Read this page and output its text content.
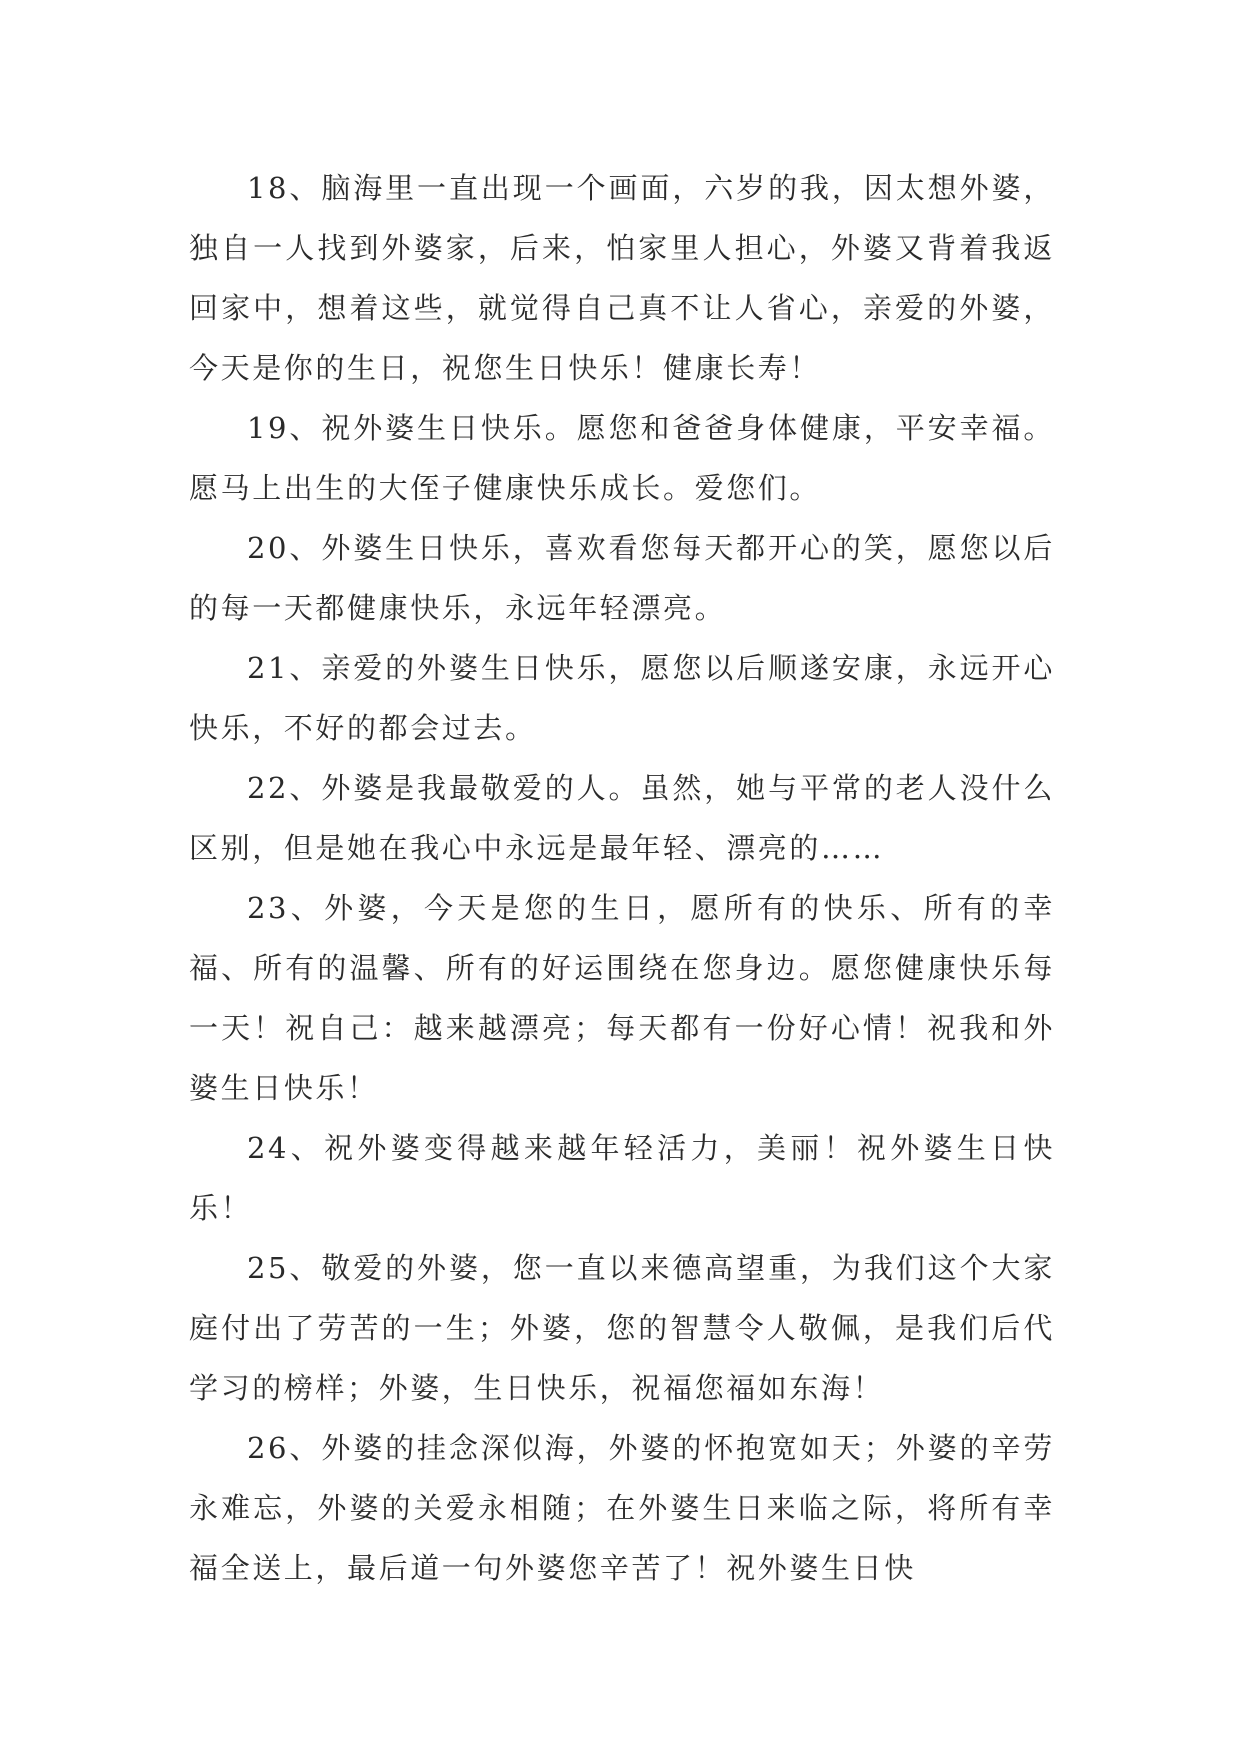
18、脑海里一直出现一个画面，六岁的我，因太想外婆，独自一人找到外婆家，后来，怕家里人担心，外婆又背着我返回家中，想着这些，就觉得自己真不让人省心，亲爱的外婆，今天是你的生日，祝您生日快乐！健康长寿！

19、祝外婆生日快乐。愿您和爸爸身体健康，平安幸福。愿马上出生的大侄子健康快乐成长。爱您们。

20、外婆生日快乐，喜欢看您每天都开心的笑，愿您以后的每一天都健康快乐，永远年轻漂亮。

21、亲爱的外婆生日快乐，愿您以后顺遂安康，永远开心快乐，不好的都会过去。

22、外婆是我最敬爱的人。虽然，她与平常的老人没什么区别，但是她在我心中永远是最年轻、漂亮的……

23、外婆，今天是您的生日，愿所有的快乐、所有的幸福、所有的温馨、所有的好运围绕在您身边。愿您健康快乐每一天！祝自己：越来越漂亮；每天都有一份好心情！祝我和外婆生日快乐！

24、祝外婆变得越来越年轻活力，美丽！祝外婆生日快乐！

25、敬爱的外婆，您一直以来德高望重，为我们这个大家庭付出了劳苦的一生；外婆，您的智慧令人敬佩，是我们后代学习的榜样；外婆，生日快乐，祝福您福如东海！

26、外婆的挂念深似海，外婆的怀抱宽如天；外婆的辛劳永难忘，外婆的关爱永相随；在外婆生日来临之际，将所有幸福全送上，最后道一句外婆您辛苦了！祝外婆生日快
